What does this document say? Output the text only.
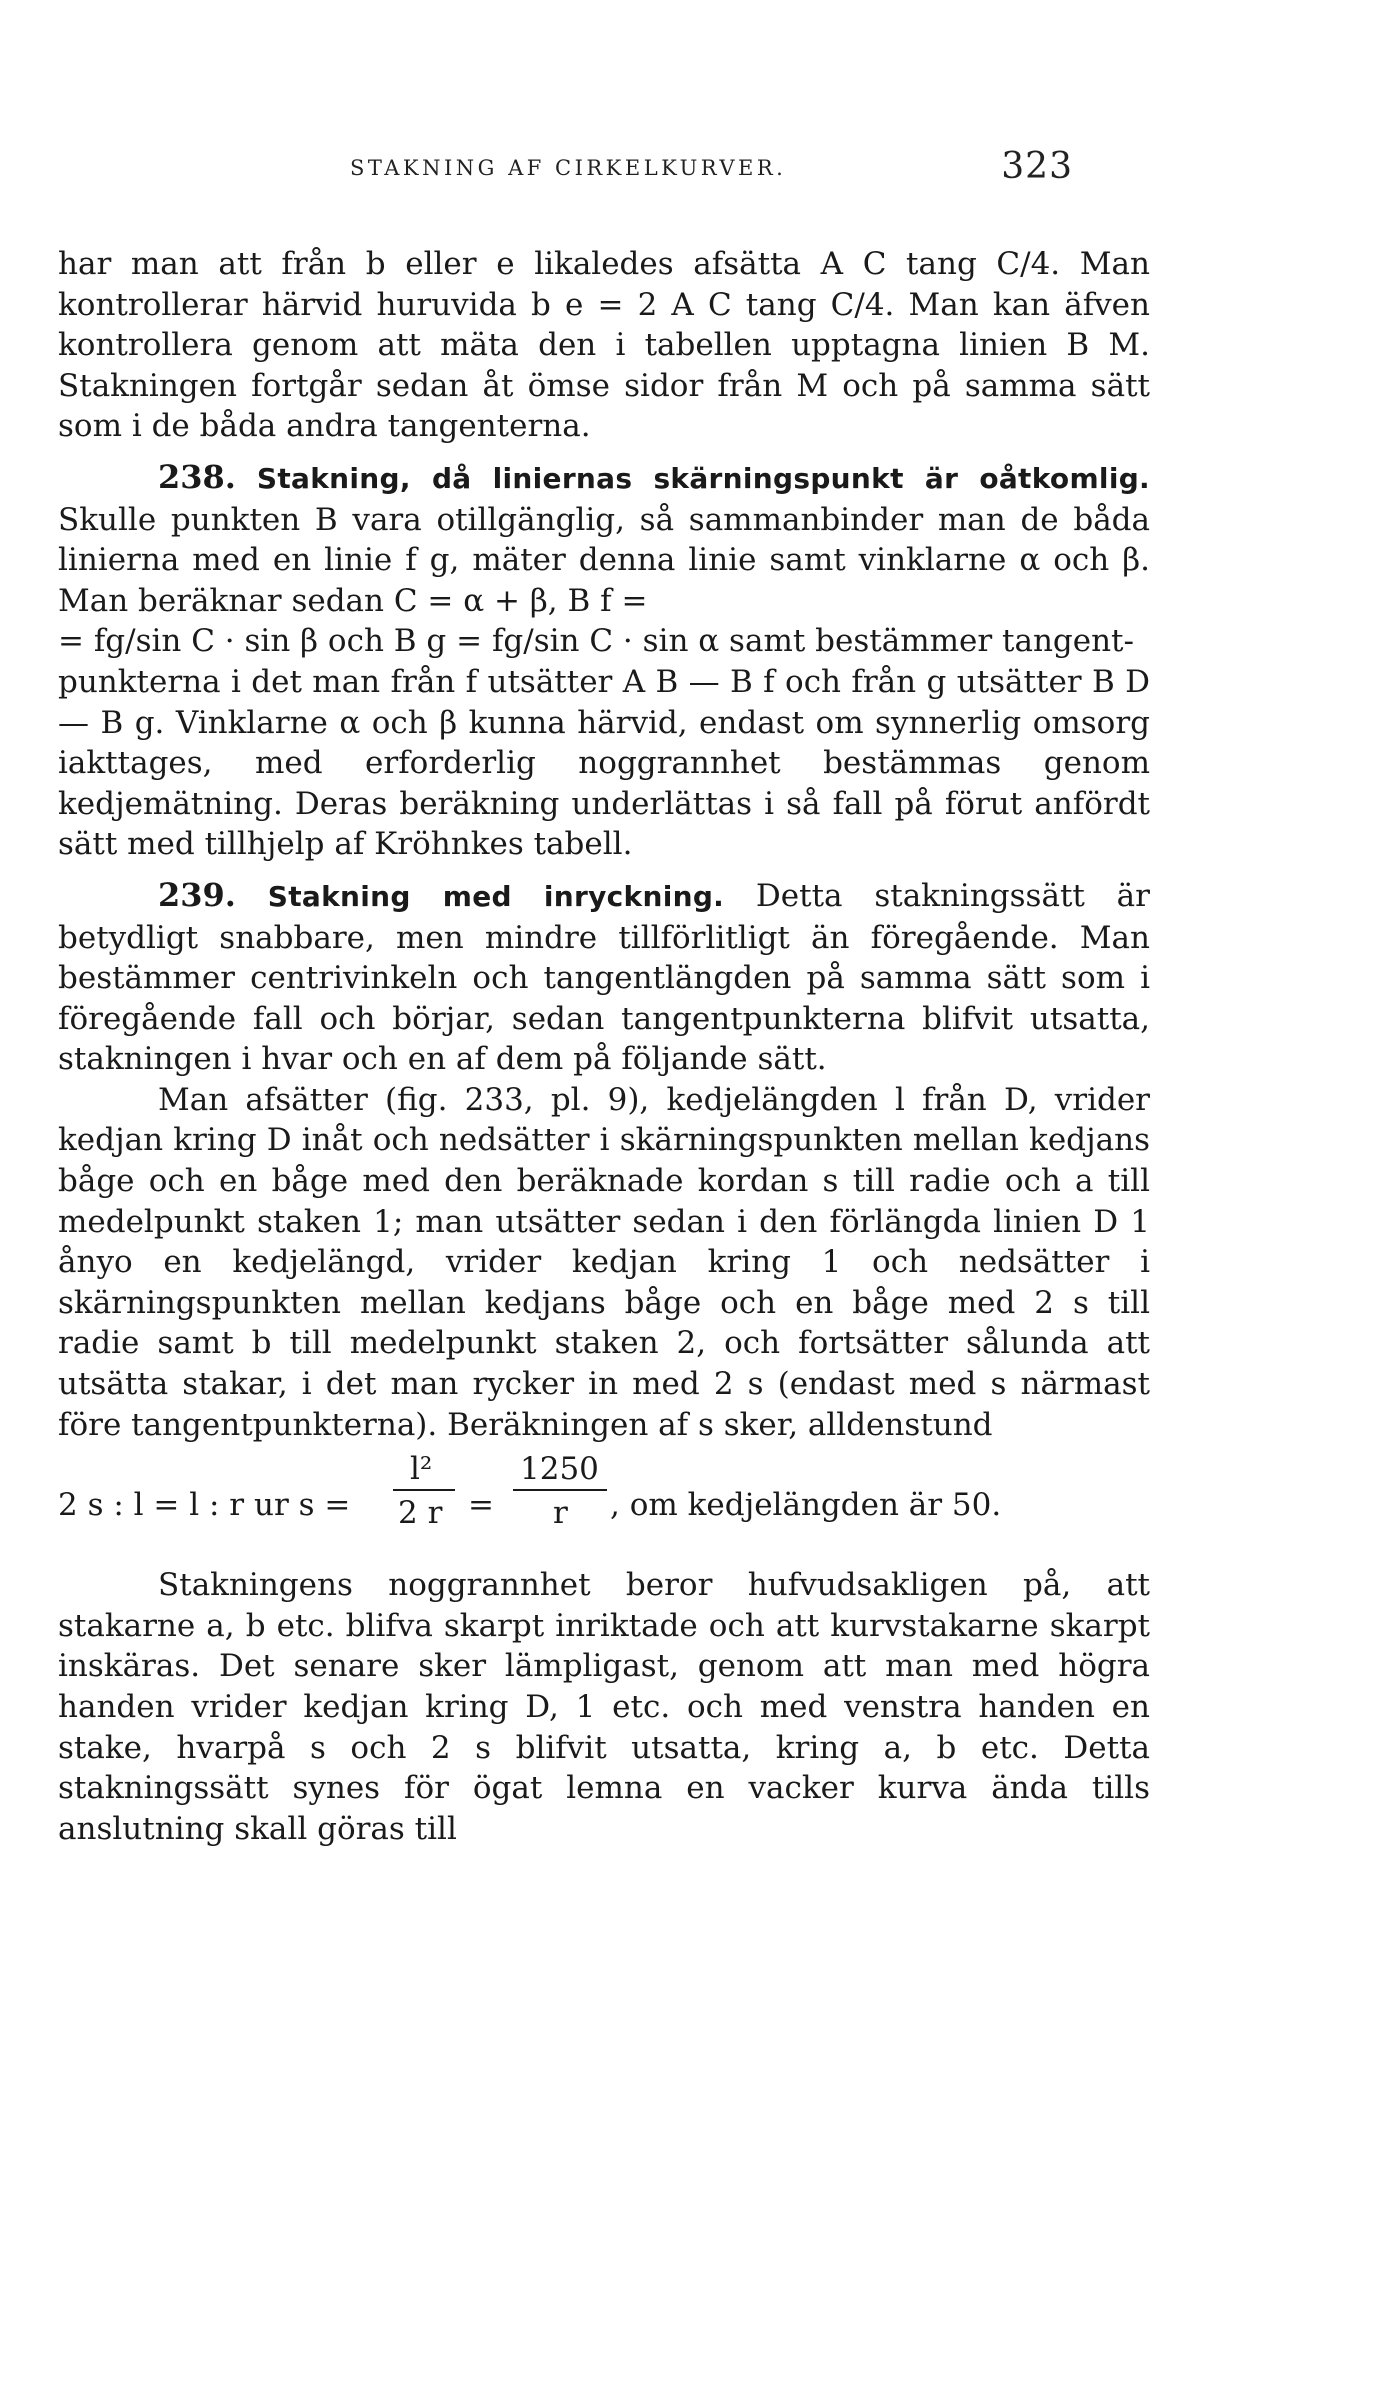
STAKNING AF CIRKELKURVER.	323

har man att från b eller e likaledes afsätta A C tang C/4. Man kontrollerar härvid huruvida b e = 2 A C tang C/4. Man kan äfven kontrollera genom att mäta den i tabellen upptagna linien B M. Stakningen fortgår sedan åt ömse sidor från M och på samma sätt som i de båda andra tangenterna.

238. Stakning, då liniernas skärningspunkt är oåtkomlig. Skulle punkten B vara otillgänglig, så sammanbinder man de båda linierna med en linie f g, mäter denna linie samt vinklarne α och β. Man beräknar sedan C = α + β, B f =

= fg/sin C · sin β och B g = fg/sin C · sin α samt bestämmer tangent-

punkterna i det man från f utsätter A B — B f och från g utsätter B D — B g. Vinklarne α och β kunna härvid, endast om synnerlig omsorg iakttages, med erforderlig noggrannhet bestämmas genom kedjemätning. Deras beräkning underlättas i så fall på förut anfördt sätt med tillhjelp af Kröhnkes tabell.

239. Stakning med inryckning. Detta stakningssätt är betydligt snabbare, men mindre tillförlitligt än föregående. Man bestämmer centrivinkeln och tangentlängden på samma sätt som i föregående fall och börjar, sedan tangentpunkterna blifvit utsatta, stakningen i hvar och en af dem på följande sätt.

Man afsätter (fig. 233, pl. 9), kedjelängden l från D, vrider kedjan kring D inåt och nedsätter i skärningspunkten mellan kedjans båge och en båge med den beräknade kordan s till radie och a till medelpunkt staken 1; man utsätter sedan i den förlängda linien D 1 ånyo en kedjelängd, vrider kedjan kring 1 och nedsätter i skärningspunkten mellan kedjans båge och en båge med 2 s till radie samt b till medelpunkt staken 2, och fortsätter sålunda att utsätta stakar, i det man rycker in med 2 s (endast med s närmast före tangentpunkterna). Beräkningen af s sker, alldenstund

2 s : l = l : r ur s =
l²
2 r =
1250
r , om kedjelängden är 50.

Stakningens noggrannhet beror hufvudsakligen på, att stakarne a, b etc. blifva skarpt inriktade och att kurvstakarne skarpt inskäras. Det senare sker lämpligast, genom att man med högra handen vrider kedjan kring D, 1 etc. och med venstra handen en stake, hvarpå s och 2 s blifvit utsatta, kring a, b etc. Detta stakningssätt synes för ögat lemna en vacker kurva ända tills anslutning skall göras till
